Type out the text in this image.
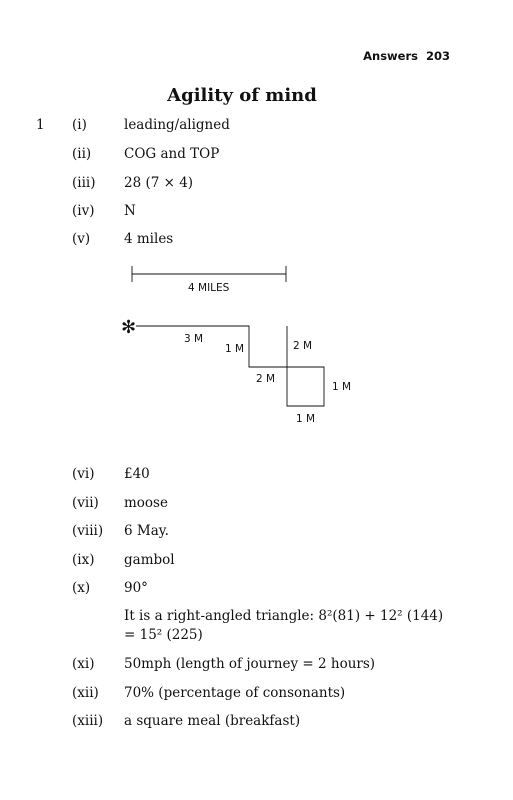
Answers 203
Agility of mind
1 (i)	leading/aligned
(ii) COG and TOP
(iii) 28 (7 × 4)
(iv) N
(v)	4 miles
4 MILES
✻
3 M
1 M	2 M
2 M
1 M
1 M
(vi) £40
(vii) moose
(viii) 6 May.
(ix) gambol
(x)	90°
It is a right-angled triangle: 8²(81) + 12² (144)
= 15² (225)
(xi) 50mph (length of journey = 2 hours)
(xii) 70% (percentage of consonants)
(xiii) a square meal (breakfast)
